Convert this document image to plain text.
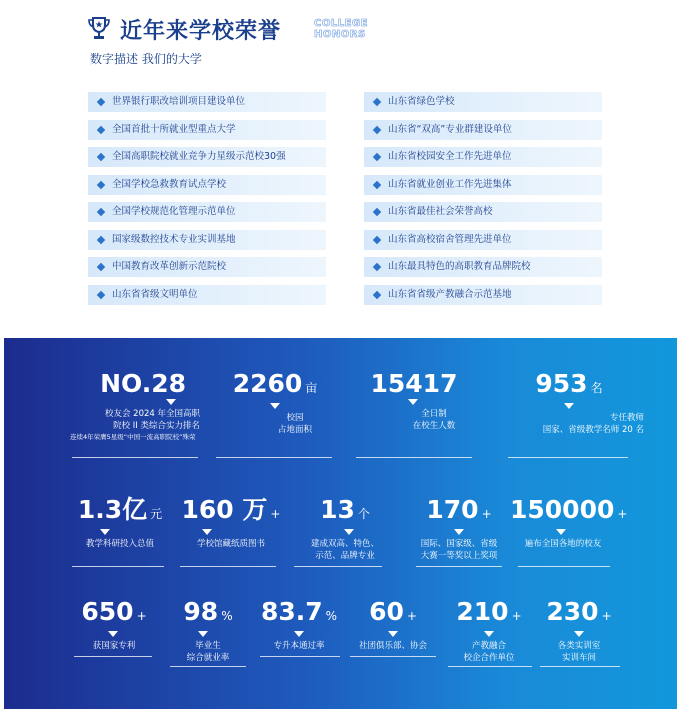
近年来学校荣誉	COLLEGE
HONORS
数字描述 我们的大学
世界银行职改培训项目建设单位
全国首批十所就业型重点大学
全国高职院校就业竞争力星级示范校30强
全国学校急救教育试点学校
全国学校规范化管理示范单位
国家级数控技术专业实训基地
中国教育改革创新示范院校
山东省省级文明单位
山东省绿色学校
山东省“双高”专业群建设单位
山东省校园安全工作先进单位
山东省就业创业工作先进集体
山东省最佳社会荣誉高校
山东省高校宿舍管理先进单位
山东最具特色的高职教育品牌院校
山东省省级产教融合示范基地
NO.28
校友会 2024 年全国高职
院校 II 类综合实力排名
连续4年荣膺5星级“中国一流高职院校”殊荣
2260 亩
校园
占地面积
15417
全日制
在校生人数
953 名
专任教师
国家、省级教学名师 20 名
1.3亿 元
教学科研投入总值
160 万 +
学校馆藏纸质图书
13 个
建成双高、特色、
示范、品牌专业
170 +
国际、国家级、省级
大赛一等奖以上奖项
150000 +
遍布全国各地的校友
650 +
获国家专利
98 %
毕业生
综合就业率
83.7 %
专升本通过率
60 +
社团俱乐部、协会
210 +
产教融合
校企合作单位
230 +
各类实训室
实训车间
